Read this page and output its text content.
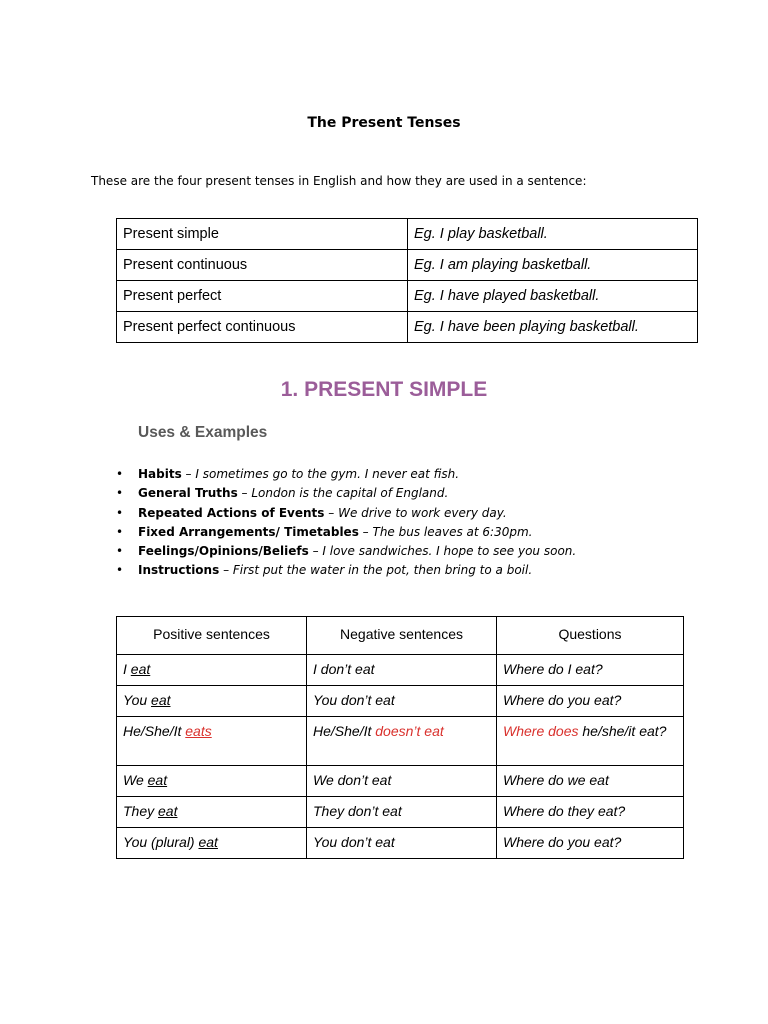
The Present Tenses
These are the four present tenses in English and how they are used in a sentence:
Present simple	Eg. I play basketball.
Present continuous	Eg. I am playing basketball.
Present perfect	Eg. I have played basketball.
Present perfect continuous	Eg. I have been playing basketball.
1. PRESENT SIMPLE
Uses & Examples
• Habits – I sometimes go to the gym. I never eat fish.
• General Truths – London is the capital of England.
• Repeated Actions of Events – We drive to work every day.
• Fixed Arrangements/ Timetables – The bus leaves at 6:30pm.
• Feelings/Opinions/Beliefs – I love sandwiches. I hope to see you soon.
• Instructions – First put the water in the pot, then bring to a boil.
Positive sentences	Negative sentences	Questions
I eat	I don’t eat	Where do I eat?
You eat	You don’t eat	Where do you eat?
He/She/It eats	He/She/It doesn’t eat	Where does he/she/it eat?
We eat	We don’t eat	Where do we eat
They eat	They don’t eat	Where do they eat?
You (plural) eat	You don’t eat	Where do you eat?
